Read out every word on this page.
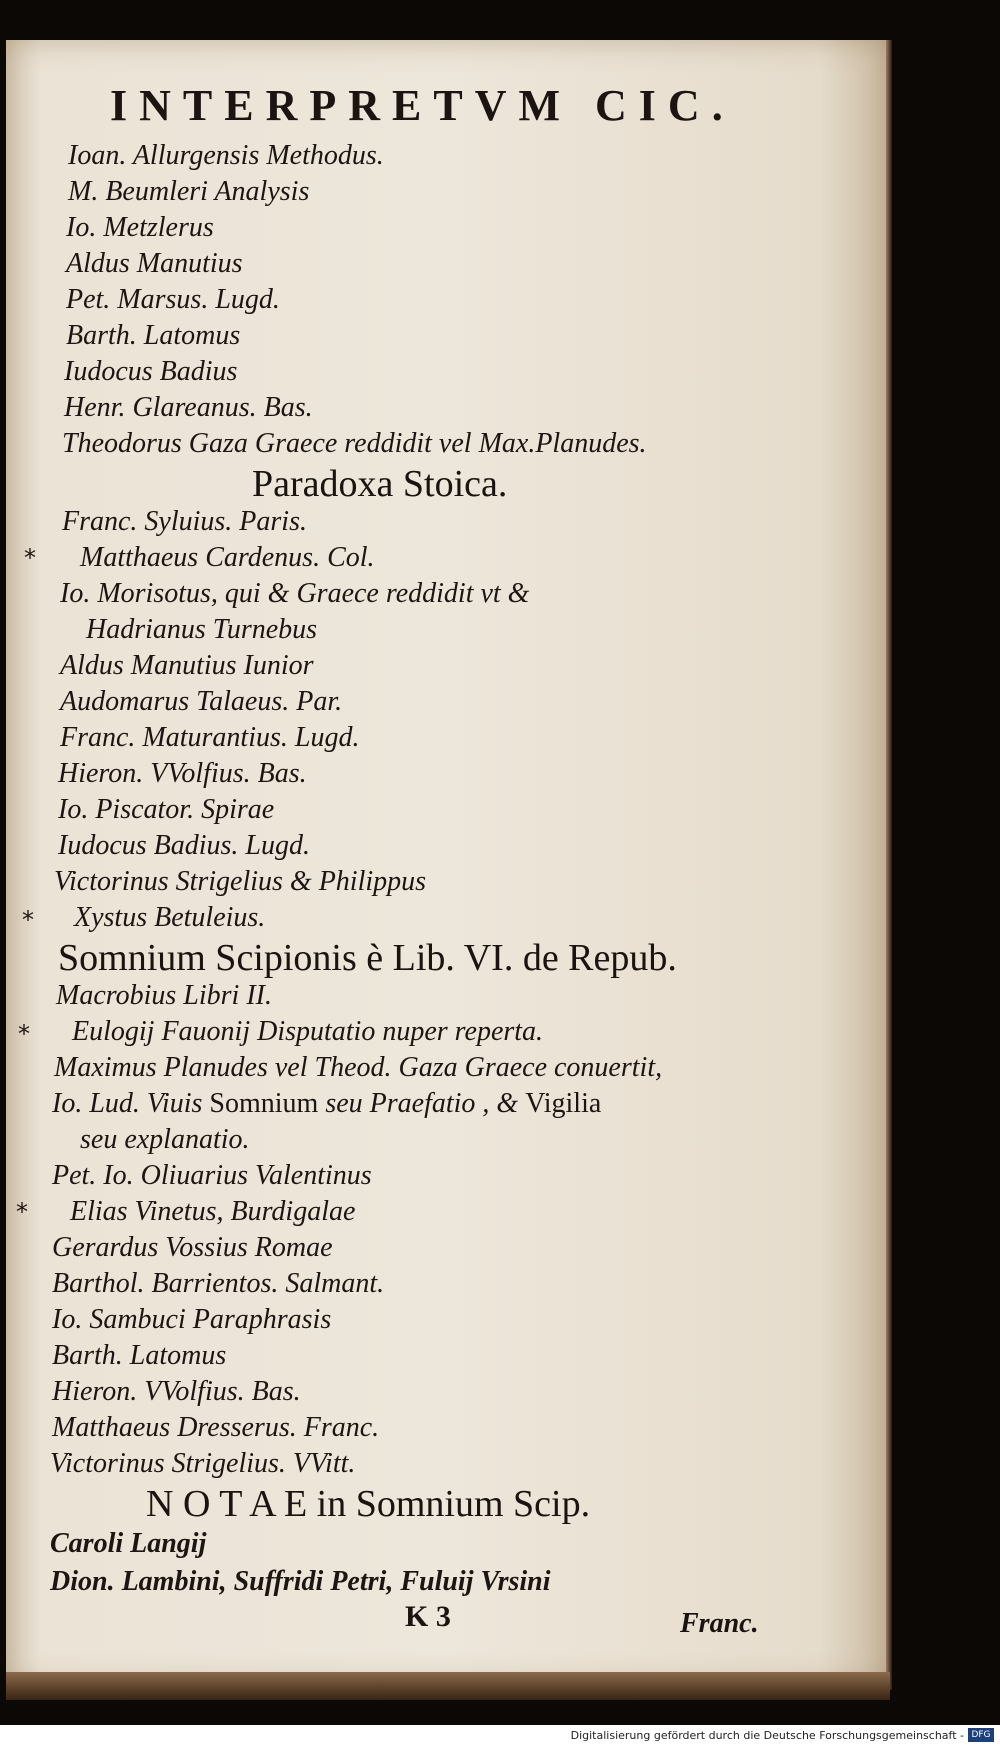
INTERPRETVM CIC.
Ioan. Allurgensis Methodus.
M. Beumleri Analysis
Io. Metzlerus
Aldus Manutius
Pet. Marsus. Lugd.
Barth. Latomus
Iudocus Badius
Henr. Glareanus. Bas.
Theodorus Gaza Graece reddidit vel Max.Planudes.
Paradoxa Stoica.
Franc. Syluius. Paris.
* Matthaeus Cardenus. Col.
Io. Morisotus, qui & Graece reddidit vt &
Hadrianus Turnebus
Aldus Manutius Iunior
Audomarus Talaeus. Par.
Franc. Maturantius. Lugd.
Hieron. VVolfius. Bas.
Io. Piscator. Spirae
Iudocus Badius. Lugd.
Victorinus Strigelius & Philippus
* Xystus Betuleius.
Somnium Scipionis è Lib. VI. de Repub.
Macrobius Libri II.
* Eulogij Fauonij Disputatio nuper reperta.
Maximus Planudes vel Theod. Gaza Graece conuertit,
Io. Lud. Viuis Somnium seu Praefatio , & Vigilia
seu explanatio.
Pet. Io. Oliuarius Valentinus
* Elias Vinetus, Burdigalae
Gerardus Vossius Romae
Barthol. Barrientos. Salmant.
Io. Sambuci Paraphrasis
Barth. Latomus
Hieron. VVolfius. Bas.
Matthaeus Dresserus. Franc.
Victorinus Strigelius. VVitt.
N O T A E in Somnium Scip.
Caroli Langij
Dion. Lambini, Suffridi Petri, Fuluij Vrsini
K 3	Franc.
Digitalisierung gefördert durch die Deutsche Forschungsgemeinschaft - DFG
